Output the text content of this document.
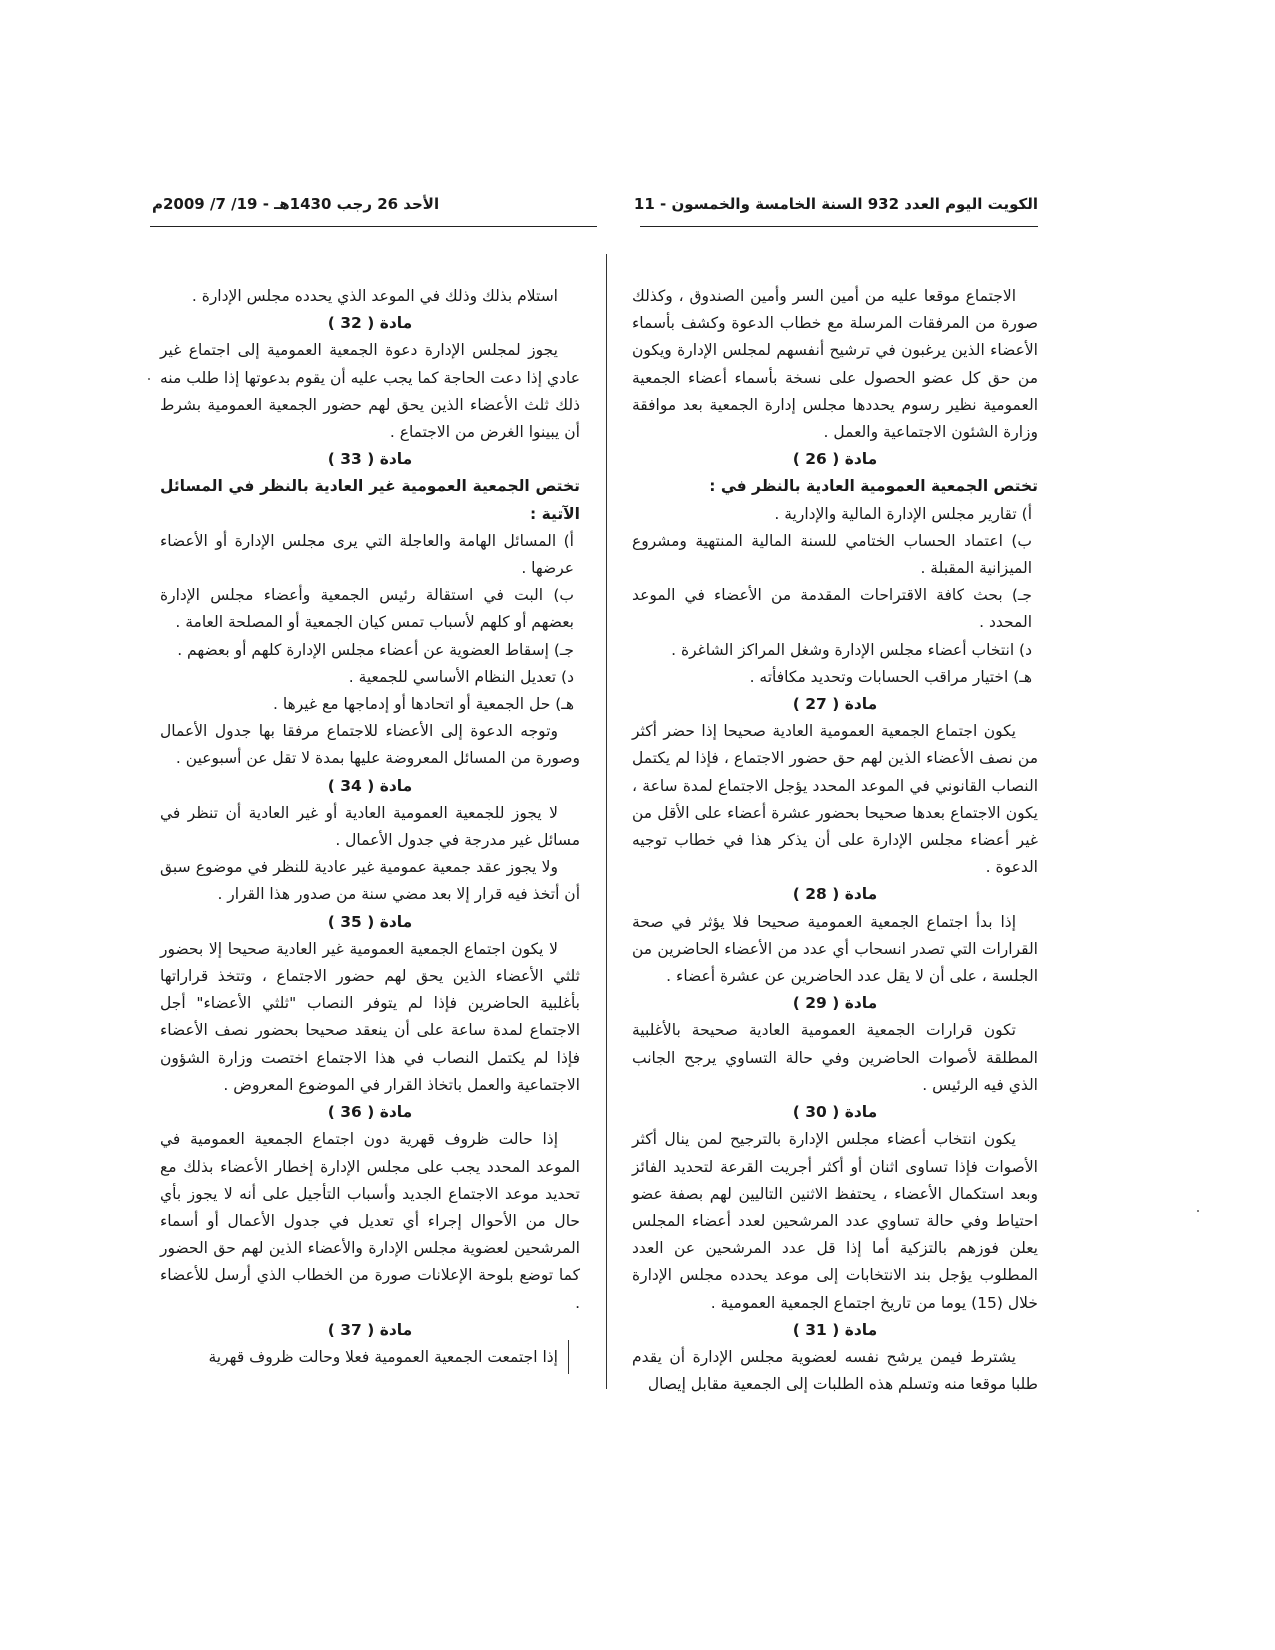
الكويت اليوم العدد 932 السنة الخامسة والخمسون - 11
الأحد 26 رجب 1430هـ - 19/ 7/ 2009م

الاجتماع موقعا عليه من أمين السر وأمين الصندوق ، وكذلك صورة من المرفقات المرسلة مع خطاب الدعوة وكشف بأسماء الأعضاء الذين يرغبون في ترشيح أنفسهم لمجلس الإدارة ويكون من حق كل عضو الحصول على نسخة بأسماء أعضاء الجمعية العمومية نظير رسوم يحددها مجلس إدارة الجمعية بعد موافقة وزارة الشئون الاجتماعية والعمل .

مادة ( 26 )

تختص الجمعية العمومية العادية بالنظر في :

أ) تقارير مجلس الإدارة المالية والإدارية .

ب) اعتماد الحساب الختامي للسنة المالية المنتهية ومشروع الميزانية المقبلة .

جـ) بحث كافة الاقتراحات المقدمة من الأعضاء في الموعد المحدد .

د) انتخاب أعضاء مجلس الإدارة وشغل المراكز الشاغرة .

هـ) اختيار مراقب الحسابات وتحديد مكافأته .

مادة ( 27 )

يكون اجتماع الجمعية العمومية العادية صحيحا إذا حضر أكثر من نصف الأعضاء الذين لهم حق حضور الاجتماع ، فإذا لم يكتمل النصاب القانوني في الموعد المحدد يؤجل الاجتماع لمدة ساعة ، يكون الاجتماع بعدها صحيحا بحضور عشرة أعضاء على الأقل من غير أعضاء مجلس الإدارة على أن يذكر هذا في خطاب توجيه الدعوة .

مادة ( 28 )

إذا بدأ اجتماع الجمعية العمومية صحيحا فلا يؤثر في صحة القرارات التي تصدر انسحاب أي عدد من الأعضاء الحاضرين من الجلسة ، على أن لا يقل عدد الحاضرين عن عشرة أعضاء .

مادة ( 29 )

تكون قرارات الجمعية العمومية العادية صحيحة بالأغلبية المطلقة لأصوات الحاضرين وفي حالة التساوي يرجح الجانب الذي فيه الرئيس .

مادة ( 30 )

يكون انتخاب أعضاء مجلس الإدارة بالترجيح لمن ينال أكثر الأصوات فإذا تساوى اثنان أو أكثر أجريت القرعة لتحديد الفائز وبعد استكمال الأعضاء ، يحتفظ الاثنين التاليين لهم بصفة عضو احتياط وفي حالة تساوي عدد المرشحين لعدد أعضاء المجلس يعلن فوزهم بالتزكية أما إذا قل عدد المرشحين عن العدد المطلوب يؤجل بند الانتخابات إلى موعد يحدده مجلس الإدارة خلال (15) يوما من تاريخ اجتماع الجمعية العمومية .

مادة ( 31 )

يشترط فيمن يرشح نفسه لعضوية مجلس الإدارة أن يقدم طلبا موقعا منه وتسلم هذه الطلبات إلى الجمعية مقابل إيصال

استلام بذلك وذلك في الموعد الذي يحدده مجلس الإدارة .

مادة ( 32 )

يجوز لمجلس الإدارة دعوة الجمعية العمومية إلى اجتماع غير عادي إذا دعت الحاجة كما يجب عليه أن يقوم بدعوتها إذا طلب منه ذلك ثلث الأعضاء الذين يحق لهم حضور الجمعية العمومية بشرط أن يبينوا الغرض من الاجتماع .

مادة ( 33 )

تختص الجمعية العمومية غير العادية بالنظر في المسائل الآتية :

أ) المسائل الهامة والعاجلة التي يرى مجلس الإدارة أو الأعضاء عرضها .

ب) البت في استقالة رئيس الجمعية وأعضاء مجلس الإدارة بعضهم أو كلهم لأسباب تمس كيان الجمعية أو المصلحة العامة .

جـ) إسقاط العضوية عن أعضاء مجلس الإدارة كلهم أو بعضهم .

د) تعديل النظام الأساسي للجمعية .

هـ) حل الجمعية أو اتحادها أو إدماجها مع غيرها .

وتوجه الدعوة إلى الأعضاء للاجتماع مرفقا بها جدول الأعمال وصورة من المسائل المعروضة عليها بمدة لا تقل عن أسبوعين .

مادة ( 34 )

لا يجوز للجمعية العمومية العادية أو غير العادية أن تنظر في مسائل غير مدرجة في جدول الأعمال .

ولا يجوز عقد جمعية عمومية غير عادية للنظر في موضوع سبق أن أتخذ فيه قرار إلا بعد مضي سنة من صدور هذا القرار .

مادة ( 35 )

لا يكون اجتماع الجمعية العمومية غير العادية صحيحا إلا بحضور ثلثي الأعضاء الذين يحق لهم حضور الاجتماع ، وتتخذ قراراتها بأغلبية الحاضرين فإذا لم يتوفر النصاب "ثلثي الأعضاء" أجل الاجتماع لمدة ساعة على أن ينعقد صحيحا بحضور نصف الأعضاء فإذا لم يكتمل النصاب في هذا الاجتماع اختصت وزارة الشؤون الاجتماعية والعمل باتخاذ القرار في الموضوع المعروض .

مادة ( 36 )

إذا حالت ظروف قهرية دون اجتماع الجمعية العمومية في الموعد المحدد يجب على مجلس الإدارة إخطار الأعضاء بذلك مع تحديد موعد الاجتماع الجديد وأسباب التأجيل على أنه لا يجوز بأي حال من الأحوال إجراء أي تعديل في جدول الأعمال أو أسماء المرشحين لعضوية مجلس الإدارة والأعضاء الذين لهم حق الحضور كما توضع بلوحة الإعلانات صورة من الخطاب الذي أرسل للأعضاء .

مادة ( 37 )

إذا اجتمعت الجمعية العمومية فعلا وحالت ظروف قهرية
